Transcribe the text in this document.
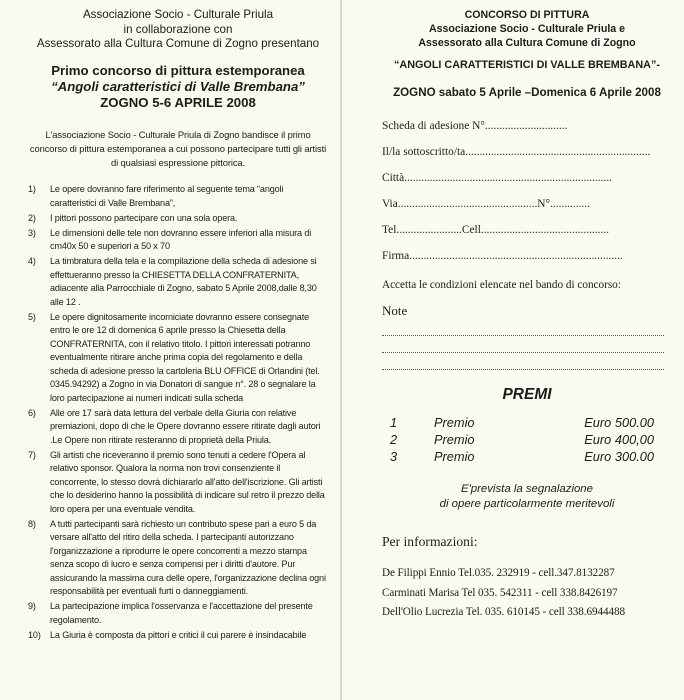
Associazione Socio - Culturale Priula
in collaborazione con
Assessorato alla Cultura Comune di Zogno presentano
Primo concorso di pittura estemporanea
“Angoli caratteristici di Valle Brembana”
ZOGNO 5-6 APRILE 2008
L'associazione Socio - Culturale Priula di Zogno bandisce il primo concorso di pittura estemporanea a cui possono partecipare tutti gli artisti di qualsiasi espressione pittorica.
1)	Le opere dovranno fare riferimento al seguente tema “angoli caratteristici di Valle Brembana”,
2)	I pittori possono partecipare con una sola opera.
3)	Le dimensioni delle tele non dovranno essere inferiori alla misura di cm40x 50 e superiori a 50 x 70
4)	La timbratura della tela e la compilazione della scheda di adesione si effettueranno presso la CHIESETTA DELLA CONFRATERNITA, adiacente alla Parrocchiale di Zogno, sabato 5 Aprile 2008,dalle 8,30 alle 12 .
5)	Le opere dignitosamente incorniciate dovranno essere consegnate entro le ore 12 di domenica 6 aprile presso la Chiesetta della CONFRATERNITA, con il relativo titolo. I pittori interessati potranno eventualmente ritirare anche prima copia del regolamento e della scheda di adesione presso la cartoleria BLU OFFICE di Orlandini (tel. 0345.94292) a Zogno in via Donatori di sangue n°. 28 o segnalare la loro partecipazione ai numeri indicati sulla scheda
6)	Alle ore 17 sarà data lettura del verbale della Giuria con relative premiazioni, dopo di che le Opere dovranno essere ritirate dagli autori .Le Opere non ritirate resteranno di proprietà della Priula.
7)	Gli artisti che riceveranno il premio sono tenuti a cedere l'Opera al relativo sponsor. Qualora la norma non trovi consenziente il concorrente, lo stesso dovrà dichiararlo all'atto dell'iscrizione. Gli artisti che lo desiderino hanno la possibilità di indicare sul retro il prezzo della loro opera per una eventuale vendita.
8)	A tutti partecipanti sarà richiesto un contributo spese pari a euro 5 da versare all'atto del ritiro della scheda. I partecipanti autorizzano l'organizzazione a riprodurre le opere concorrenti a mezzo stampa senza scopo di lucro e senza compensi per i diritti d'autore. Pur assicurando la massima cura delle opere, l'organizzazione declina ogni responsabilità per eventuali furti o danneggiamenti.
9)	La partecipazione implica l'osservanza e l'accettazione del presente regolamento.
10)	La Giuria è composta da pittori e critici il cui parere è insindacabile
CONCORSO DI PITTURA
Associazione Socio - Culturale Priula e
Assessorato alla Cultura Comune di Zogno
“ANGOLI CARATTERISTICI DI VALLE BREMBANA”-
ZOGNO sabato 5 Aprile –Domenica 6 Aprile 2008
Scheda di adesione N°.............................
Il/la sottoscritto/ta.................................................................
Città.........................................................................
Via.................................................N°..............
Tel.......................Cell.............................................
Firma...........................................................................
Accetta le condizioni elencate nel bando di concorso:
Note
PREMI
1	Premio	Euro 500.00
2	Premio	Euro 400,00
3	Premio	Euro 300.00
E'prevista la segnalazione
di opere particolarmente meritevoli
Per informazioni:
De Filippi Ennio Tel.035. 232919 - cell.347.8132287
Carminati Marisa Tel 035. 542311 - cell 338.8426197
Dell'Olio Lucrezia Tel. 035. 610145 - cell 338.6944488
